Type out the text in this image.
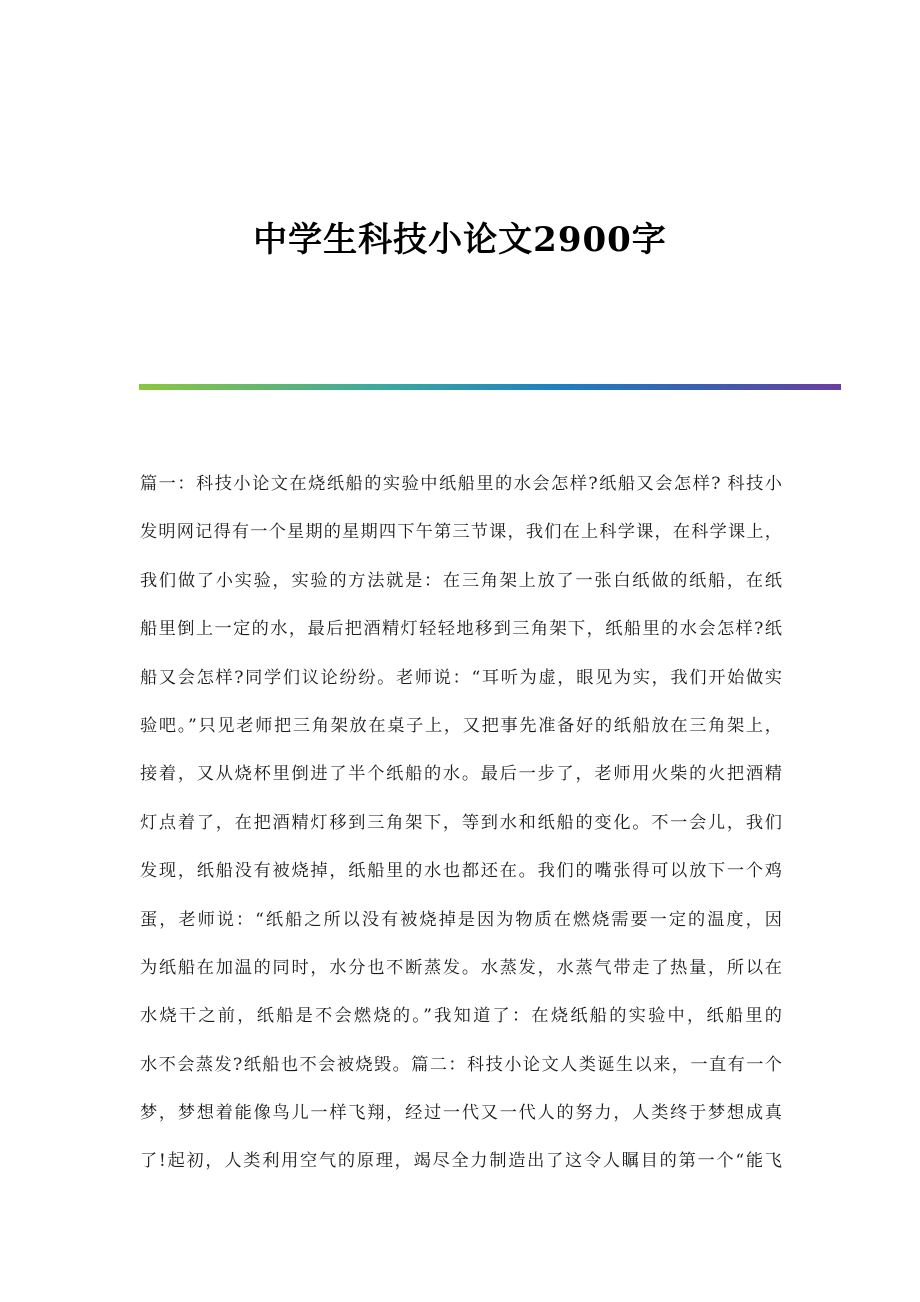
中学生科技小论文2900字
篇一：科技小论文在烧纸船的实验中纸船里的水会怎样?纸船又会怎样? 科技小
发明网记得有一个星期的星期四下午第三节课，我们在上科学课，在科学课上，
我们做了小实验，实验的方法就是：在三角架上放了一张白纸做的纸船，在纸
船里倒上一定的水，最后把酒精灯轻轻地移到三角架下，纸船里的水会怎样?纸
船又会怎样?同学们议论纷纷。老师说：“耳听为虚，眼见为实，我们开始做实
验吧。”只见老师把三角架放在桌子上，又把事先准备好的纸船放在三角架上，
接着，又从烧杯里倒进了半个纸船的水。最后一步了，老师用火柴的火把酒精
灯点着了，在把酒精灯移到三角架下，等到水和纸船的变化。不一会儿，我们
发现，纸船没有被烧掉，纸船里的水也都还在。我们的嘴张得可以放下一个鸡
蛋，老师说：“纸船之所以没有被烧掉是因为物质在燃烧需要一定的温度，因
为纸船在加温的同时，水分也不断蒸发。水蒸发，水蒸气带走了热量，所以在
水烧干之前，纸船是不会燃烧的。”我知道了：在烧纸船的实验中，纸船里的
水不会蒸发?纸船也不会被烧毁。篇二：科技小论文人类诞生以来，一直有一个
梦，梦想着能像鸟儿一样飞翔，经过一代又一代人的努力，人类终于梦想成真
了!起初，人类利用空气的原理，竭尽全力制造出了这令人瞩目的第一个“能飞
